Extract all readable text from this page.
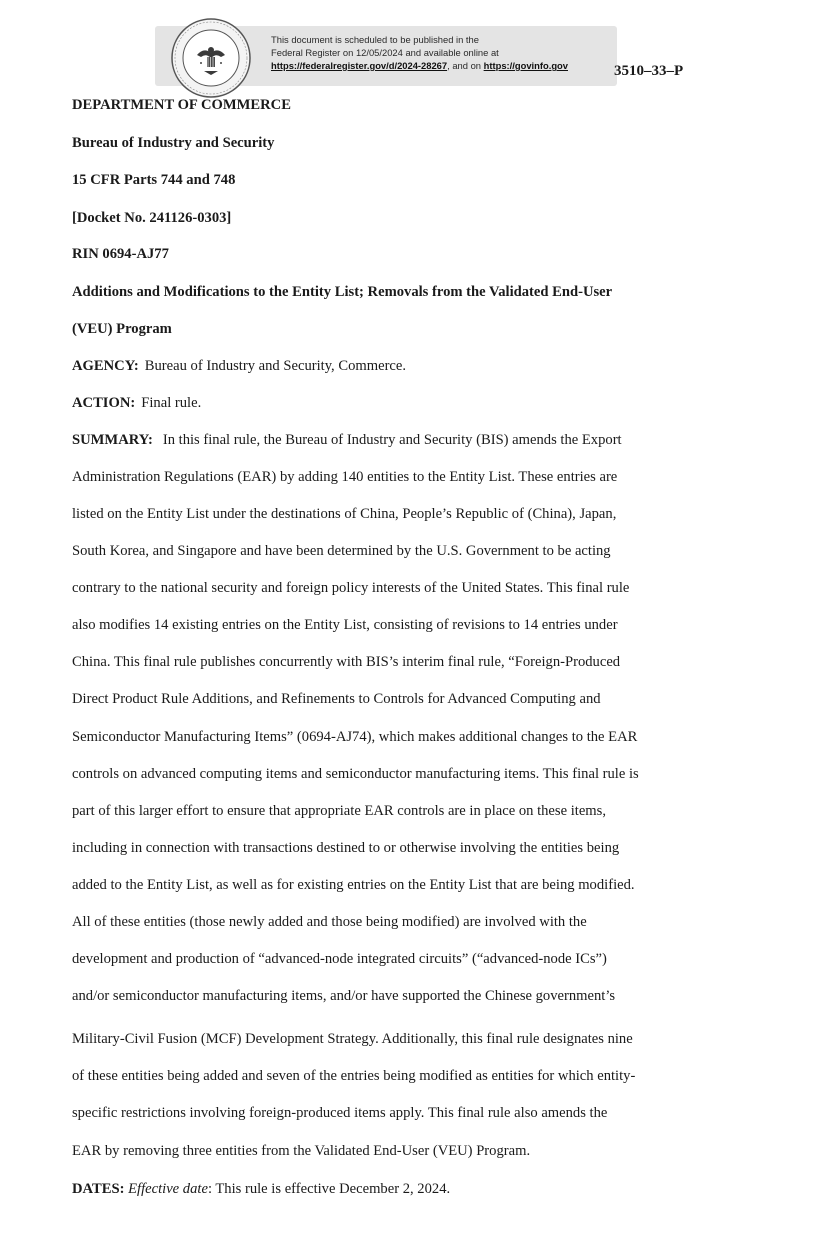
This document is scheduled to be published in the
Federal Register on 12/05/2024 and available online at
https://federalregister.gov/d/2024-28267, and on https://govinfo.gov	3510–33–P
DEPARTMENT OF COMMERCE
Bureau of Industry and Security
15 CFR Parts 744 and 748
[Docket No. 241126-0303]
RIN 0694-AJ77
Additions and Modifications to the Entity List; Removals from the Validated End-User
(VEU) Program
AGENCY: Bureau of Industry and Security, Commerce.
ACTION: Final rule.
SUMMARY: In this final rule, the Bureau of Industry and Security (BIS) amends the Export
Administration Regulations (EAR) by adding 140 entities to the Entity List. These entries are
listed on the Entity List under the destinations of China, People’s Republic of (China), Japan,
South Korea, and Singapore and have been determined by the U.S. Government to be acting
contrary to the national security and foreign policy interests of the United States. This final rule
also modifies 14 existing entries on the Entity List, consisting of revisions to 14 entries under
China. This final rule publishes concurrently with BIS’s interim final rule, “Foreign-Produced
Direct Product Rule Additions, and Refinements to Controls for Advanced Computing and
Semiconductor Manufacturing Items” (0694-AJ74), which makes additional changes to the EAR
controls on advanced computing items and semiconductor manufacturing items. This final rule is
part of this larger effort to ensure that appropriate EAR controls are in place on these items,
including in connection with transactions destined to or otherwise involving the entities being
added to the Entity List, as well as for existing entries on the Entity List that are being modified.
All of these entities (those newly added and those being modified) are involved with the
development and production of “advanced-node integrated circuits” (“advanced-node ICs”)
and/or semiconductor manufacturing items, and/or have supported the Chinese government’s
Military-Civil Fusion (MCF) Development Strategy. Additionally, this final rule designates nine
of these entities being added and seven of the entries being modified as entities for which entity-
specific restrictions involving foreign-produced items apply. This final rule also amends the
EAR by removing three entities from the Validated End-User (VEU) Program.
DATES: Effective date: This rule is effective December 2, 2024.
